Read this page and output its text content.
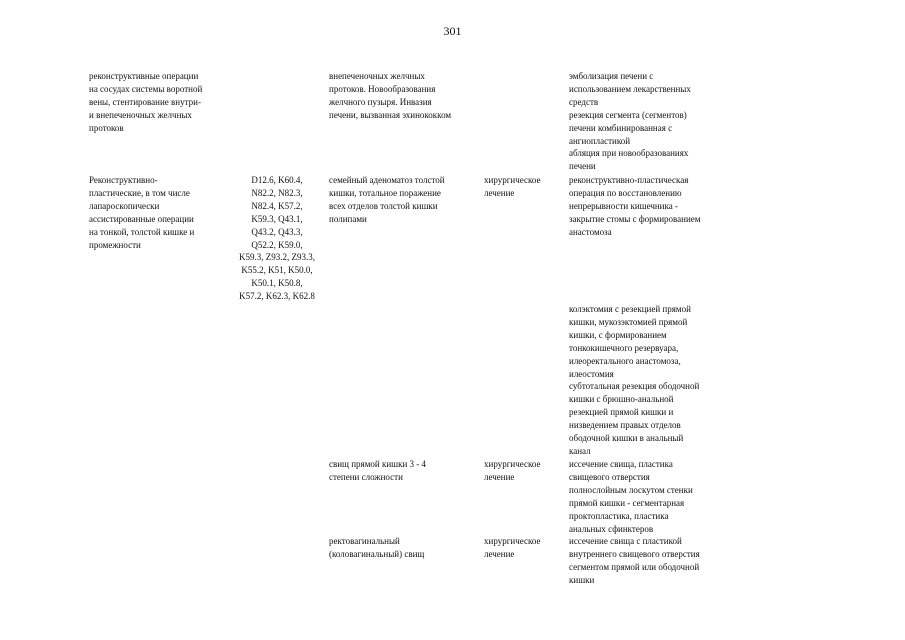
301
реконструктивные операции
на сосудах системы воротной
вены, стентирование внутри-
и внепеченочных желчных
протоков
внепеченочных желчных
протоков. Новообразования
желчного пузыря. Инвазия
печени, вызванная эхинококком
эмболизация печени с
использованием лекарственных
средств
резекция сегмента (сегментов)
печени комбинированная с
ангиопластикой
абляция при новообразованиях
печени
Реконструктивно-
пластические, в том числе
лапароскопически
ассистированные операции
на тонкой, толстой кишке и
промежности
D12.6, K60.4,
N82.2, N82.3,
N82.4, K57.2,
K59.3, Q43.1,
Q43.2, Q43.3,
Q52.2, K59.0,
K59.3, Z93.2, Z93.3,
K55.2, K51, K50.0,
K50.1, K50.8,
K57.2, K62.3, K62.8
семейный аденоматоз толстой
кишки, тотальное поражение
всех отделов толстой кишки
полипами
хирургическое
лечение
реконструктивно-пластическая
операция по восстановлению
непрерывности кишечника -
закрытие стомы с формированием
анастомоза
колэктомия с резекцией прямой
кишки, мукозэктомией прямой
кишки, с формированием
тонкокишечного резервуара,
илеоректального анастомоза,
илеостомия
субтотальная резекция ободочной
кишки с брюшно-анальной
резекцией прямой кишки и
низведением правых отделов
ободочной кишки в анальный
канал
свищ прямой кишки 3 - 4
степени сложности
хирургическое
лечение
иссечение свища, пластика
свищевого отверстия
полнослойным лоскутом стенки
прямой кишки - сегментарная
проктопластика, пластика
анальных сфинктеров
ректовагинальный
(коловагинальный) свищ
хирургическое
лечение
иссечение свища с пластикой
внутреннего свищевого отверстия
сегментом прямой или ободочной
кишки
